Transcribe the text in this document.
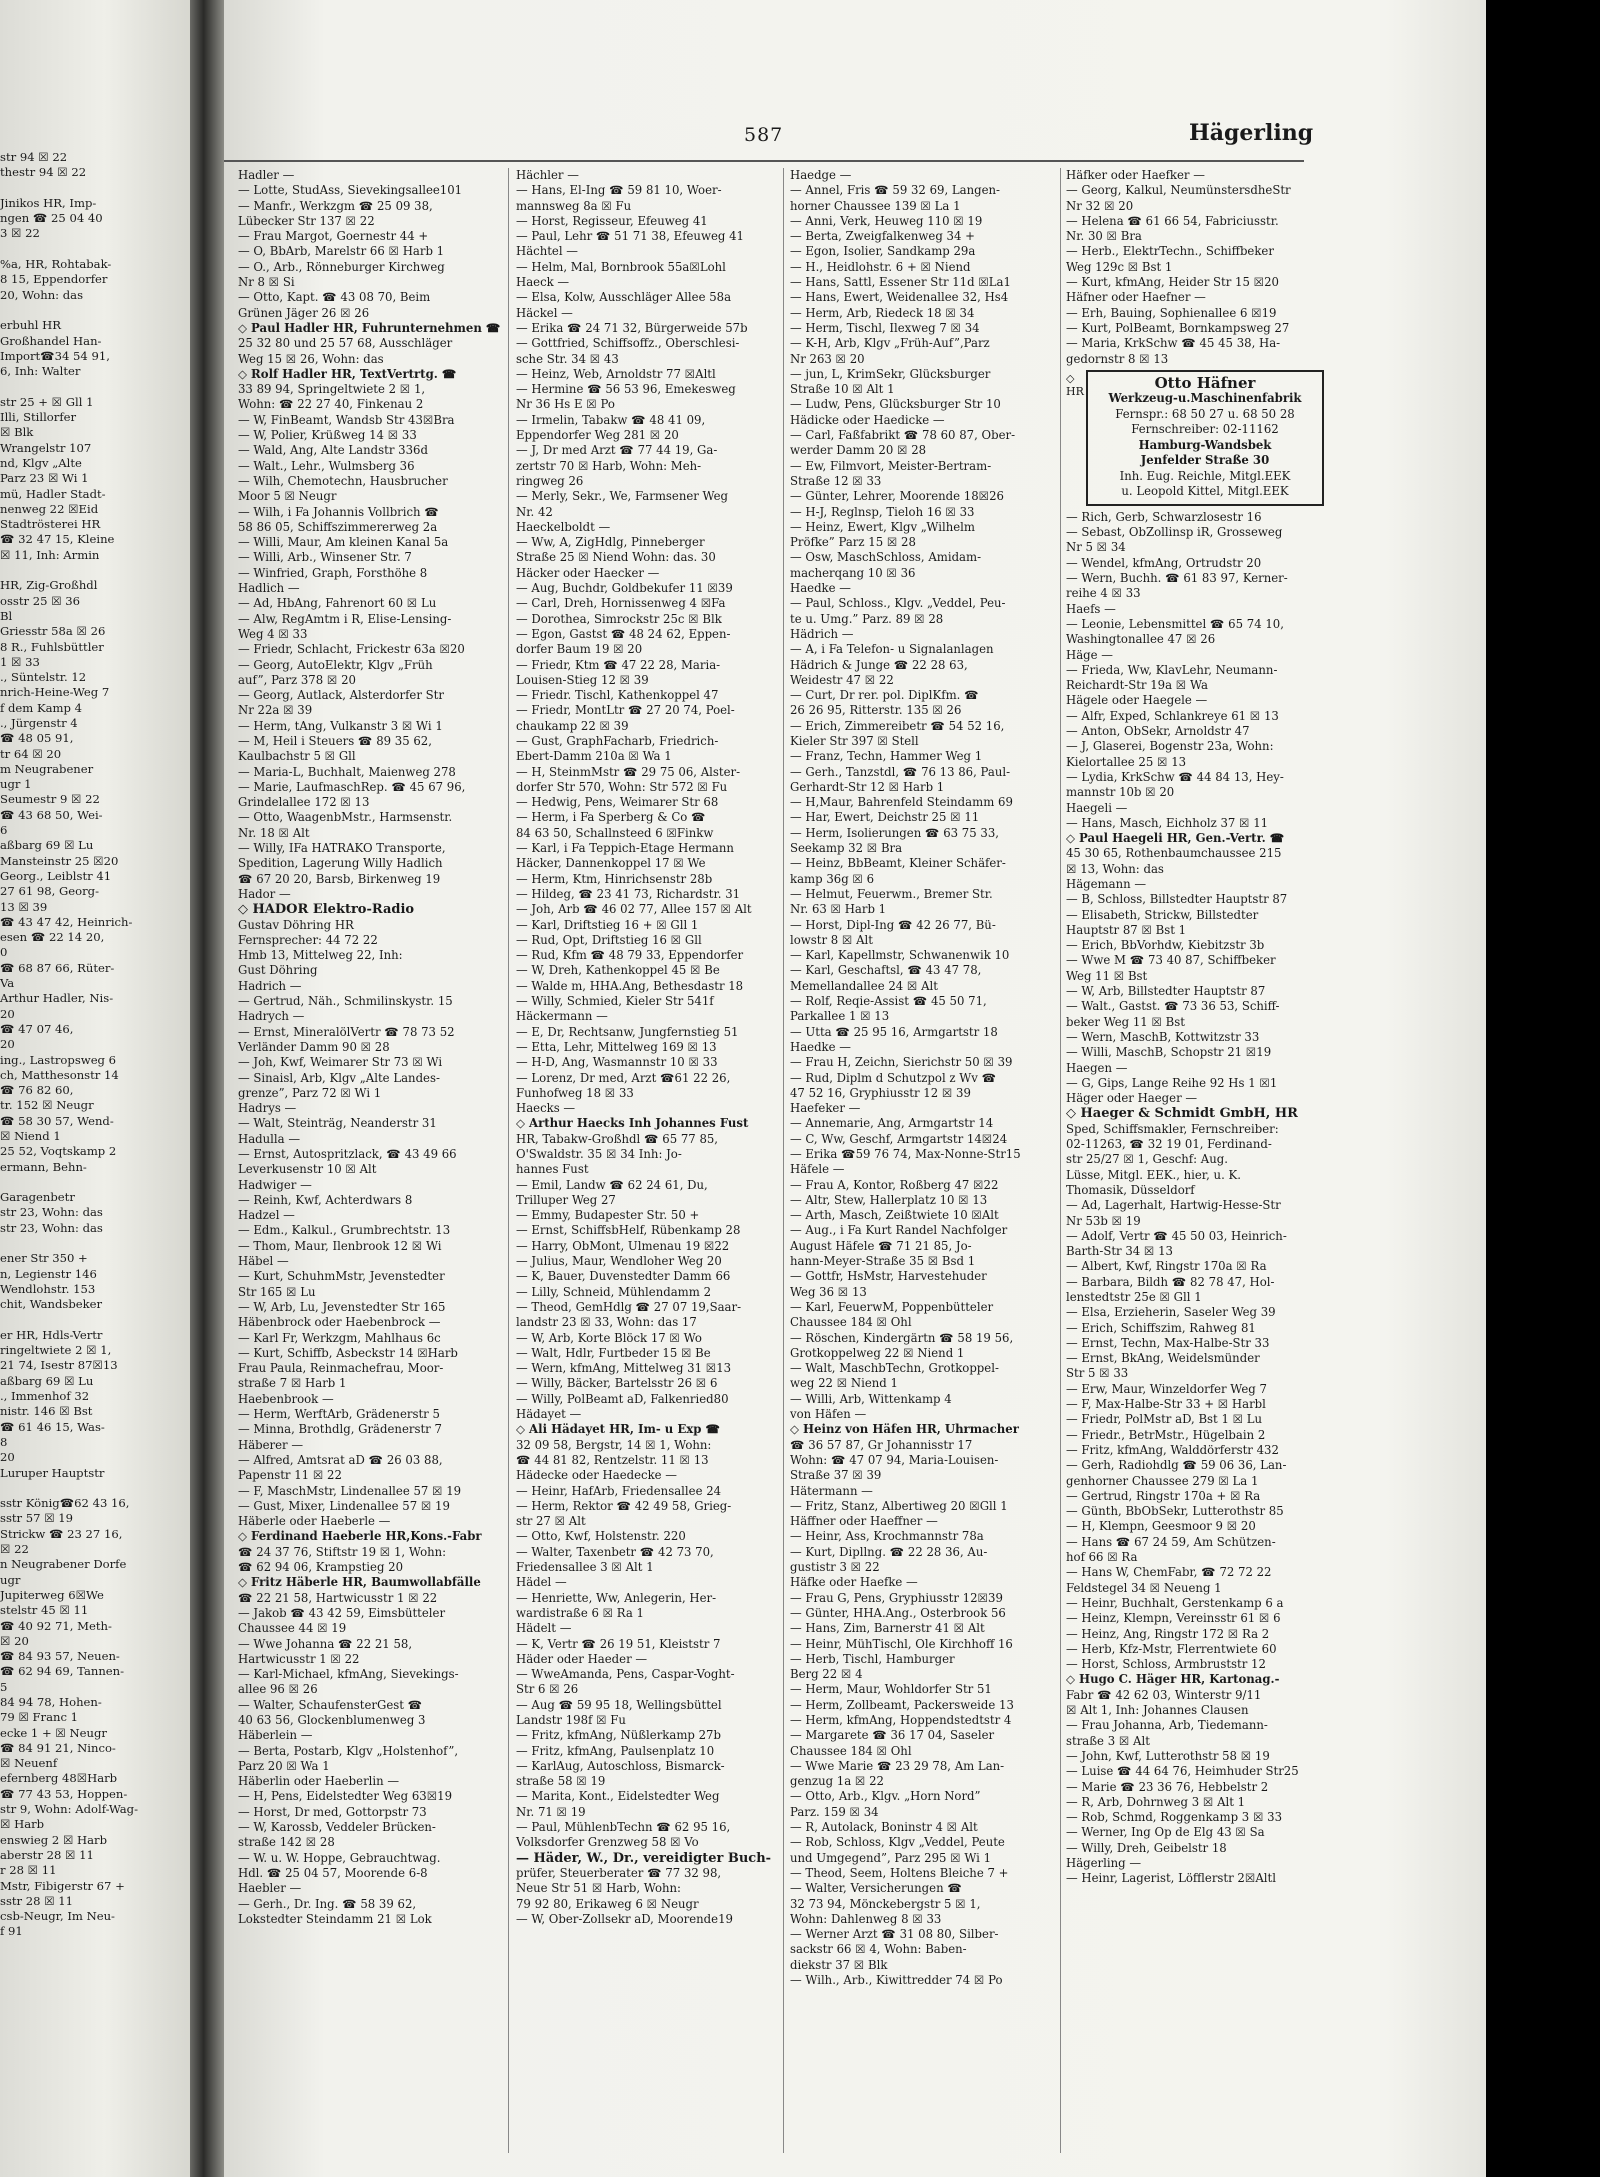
str 94 ☒ 22
thestr 94 ☒ 22

Jinikos HR, Imp-
ngen ☎ 25 04 40
3 ☒ 22

%a, HR, Rohtabak-
8 15, Eppendorfer
20, Wohn: das

erbuhl HR
Großhandel Han-
Import☎34 54 91,
6, Inh: Walter

str 25 + ☒ Gll 1
Illi, Stillorfer
☒ Blk
Wrangelstr 107
nd, Klgv „Alte
Parz 23 ☒ Wi 1
mü, Hadler Stadt-
nenweg 22 ☒Eid
Stadtrösterei HR
☎ 32 47 15, Kleine
☒ 11, Inh: Armin

HR, Zig-Großhdl
osstr 25 ☒ 36
Bl
Griesstr 58a ☒ 26
8 R., Fuhlsbüttler
1 ☒ 33
., Süntelstr. 12
nrich-Heine-Weg 7
f dem Kamp 4
., Jürgenstr 4
☎ 48 05 91,
tr 64 ☒ 20
m Neugrabener
ugr 1
Seumestr 9 ☒ 22
☎ 43 68 50, Wei-
6
aßbarg 69 ☒ Lu
Mansteinstr 25 ☒20
Georg., Leiblstr 41
27 61 98, Georg-
13 ☒ 39
☎ 43 47 42, Heinrich-
esen ☎ 22 14 20,
0
☎ 68 87 66, Rüter-
Va
Arthur Hadler, Nis-
20
☎ 47 07 46,
20
ing., Lastropsweg 6
ch, Matthesonstr 14
☎ 76 82 60,
tr. 152 ☒ Neugr
☎ 58 30 57, Wend-
☒ Niend 1
25 52, Voqtskamp 2
ermann, Behn-

Garagenbetr
str 23, Wohn: das
str 23, Wohn: das

ener Str 350 +
n, Legienstr 146
Wendlohstr. 153
chit, Wandsbeker

er HR, Hdls-Vertr
ringeltwiete 2 ☒ 1,
21 74, Isestr 87☒13
aßbarg 69 ☒ Lu
., Immenhof 32
nistr. 146 ☒ Bst
☎ 61 46 15, Was-
8
20
Luruper Hauptstr

sstr König☎62 43 16,
sstr 57 ☒ 19
Strickw ☎ 23 27 16,
☒ 22
n Neugrabener Dorfe
ugr
Jupiterweg 6☒We
stelstr 45 ☒ 11
☎ 40 92 71, Meth-
☒ 20
☎ 84 93 57, Neuen-
☎ 62 94 69, Tannen-
5
84 94 78, Hohen-
79 ☒ Franc 1
ecke 1 + ☒ Neugr
☎ 84 91 21, Ninco-
☒ Neuenf
efernberg 48☒Harb
☎ 77 43 53, Hoppen-
str 9, Wohn: Adolf-Wag-
☒ Harb
enswieg 2 ☒ Harb
aberstr 28 ☒ 11
r 28 ☒ 11
Mstr, Fibigerstr 67 +
sstr 28 ☒ 11
csb-Neugr, Im Neu-
f 91
587	Hägerling
Hadler —
— Lotte, StudAss, Sievekingsallee101
— Manfr., Werkzgm ☎ 25 09 38,
Lübecker Str 137 ☒ 22
— Frau Margot, Goernestr 44 +
— O, BbArb, Marelstr 66 ☒ Harb 1
— O., Arb., Rönneburger Kirchweg
Nr 8 ☒ Si
— Otto, Kapt. ☎ 43 08 70, Beim
Grünen Jäger 26 ☒ 26
◇ Paul Hadler HR, Fuhrunternehmen ☎
25 32 80 und 25 57 68, Ausschläger
Weg 15 ☒ 26, Wohn: das
◇ Rolf Hadler HR, TextVertrtg. ☎
33 89 94, Springeltwiete 2 ☒ 1,
Wohn: ☎ 22 27 40, Finkenau 2
— W, FinBeamt, Wandsb Str 43☒Bra
— W, Polier, Krüßweg 14 ☒ 33
— Wald, Ang, Alte Landstr 336d
— Walt., Lehr., Wulmsberg 36
— Wilh, Chemotechn, Hausbrucher
Moor 5 ☒ Neugr
— Wilh, i Fa Johannis Vollbrich ☎
58 86 05, Schiffszimmererweg 2a
— Willi, Maur, Am kleinen Kanal 5a
— Willi, Arb., Winsener Str. 7
— Winfried, Graph, Forsthöhe 8
Hadlich —
— Ad, HbAng, Fahrenort 60 ☒ Lu
— Alw, RegAmtm i R, Elise-Lensing-
Weg 4 ☒ 33
— Friedr, Schlacht, Frickestr 63a ☒20
— Georg, AutoElektr, Klgv „Früh
auf”, Parz 378 ☒ 20
— Georg, Autlack, Alsterdorfer Str
Nr 22a ☒ 39
— Herm, tAng, Vulkanstr 3 ☒ Wi 1
— M, Heil i Steuers ☎ 89 35 62,
Kaulbachstr 5 ☒ Gll
— Maria-L, Buchhalt, Maienweg 278
— Marie, LaufmaschRep. ☎ 45 67 96,
Grindelallee 172 ☒ 13
— Otto, WaagenbMstr., Harmsenstr.
Nr. 18 ☒ Alt
— Willy, IFa HATRAKO Transporte,
Spedition, Lagerung Willy Hadlich
☎ 67 20 20, Barsb, Birkenweg 19
Hador —
◇ HADOR Elektro-Radio
Gustav Döhring HR
Fernsprecher: 44 72 22
Hmb 13, Mittelweg 22, Inh:
Gust Döhring
Hadrich —
— Gertrud, Näh., Schmilinskystr. 15
Hadrych —
— Ernst, MineralölVertr ☎ 78 73 52
Verländer Damm 90 ☒ 28
— Joh, Kwf, Weimarer Str 73 ☒ Wi
— Sinaisl, Arb, Klgv „Alte Landes-
grenze”, Parz 72 ☒ Wi 1
Hadrys —
— Walt, Steinträg, Neanderstr 31
Hadulla —
— Ernst, Autospritzlack, ☎ 43 49 66
Leverkusenstr 10 ☒ Alt
Hadwiger —
— Reinh, Kwf, Achterdwars 8
Hadzel —
— Edm., Kalkul., Grumbrechtstr. 13
— Thom, Maur, Ilenbrook 12 ☒ Wi
Häbel —
— Kurt, SchuhmMstr, Jevenstedter
Str 165 ☒ Lu
— W, Arb, Lu, Jevenstedter Str 165
Häbenbrock oder Haebenbrock —
— Karl Fr, Werkzgm, Mahlhaus 6c
— Kurt, Schiffb, Asbeckstr 14 ☒Harb
Frau Paula, Reinmachefrau, Moor-
straße 7 ☒ Harb 1
Haebenbrook —
— Herm, WerftArb, Grädenerstr 5
— Minna, Brothdlg, Grädenerstr 7
Häberer —
— Alfred, Amtsrat aD ☎ 26 03 88,
Papenstr 11 ☒ 22
— F, MaschMstr, Lindenallee 57 ☒ 19
— Gust, Mixer, Lindenallee 57 ☒ 19
Häberle oder Haeberle —
◇ Ferdinand Haeberle HR,Kons.-Fabr
☎ 24 37 76, Stiftstr 19 ☒ 1, Wohn:
☎ 62 94 06, Krampstieg 20
◇ Fritz Häberle HR, Baumwollabfälle
☎ 22 21 58, Hartwicusstr 1 ☒ 22
— Jakob ☎ 43 42 59, Eimsbütteler
Chaussee 44 ☒ 19
— Wwe Johanna ☎ 22 21 58,
Hartwicusstr 1 ☒ 22
— Karl-Michael, kfmAng, Sievekings-
allee 96 ☒ 26
— Walter, SchaufensterGest ☎
40 63 56, Glockenblumenweg 3
Häberlein —
— Berta, Postarb, Klgv „Holstenhof”,
Parz 20 ☒ Wa 1
Häberlin oder Haeberlin —
— H, Pens, Eidelstedter Weg 63☒19
— Horst, Dr med, Gottorpstr 73
— W, Karossb, Veddeler Brücken-
straße 142 ☒ 28
— W. u. W. Hoppe, Gebrauchtwag.
Hdl. ☎ 25 04 57, Moorende 6-8
Haebler —
— Gerh., Dr. Ing. ☎ 58 39 62,
Lokstedter Steindamm 21 ☒ Lok
Hächler —
— Hans, El-Ing ☎ 59 81 10, Woer-
mannsweg 8a ☒ Fu
— Horst, Regisseur, Efeuweg 41
— Paul, Lehr ☎ 51 71 38, Efeuweg 41
Hächtel —
— Helm, Mal, Bornbrook 55a☒Lohl
Haeck —
— Elsa, Kolw, Ausschläger Allee 58a
Häckel —
— Erika ☎ 24 71 32, Bürgerweide 57b
— Gottfried, Schiffsoffz., Oberschlesi-
sche Str. 34 ☒ 43
— Heinz, Web, Arnoldstr 77 ☒Altl
— Hermine ☎ 56 53 96, Emekesweg
Nr 36 Hs E ☒ Po
— Irmelin, Tabakw ☎ 48 41 09,
Eppendorfer Weg 281 ☒ 20
— J, Dr med Arzt ☎ 77 44 19, Ga-
zertstr 70 ☒ Harb, Wohn: Meh-
ringweg 26
— Merly, Sekr., We, Farmsener Weg
Nr. 42
Haeckelboldt —
— Ww, A, ZigHdlg, Pinneberger
Straße 25 ☒ Niend Wohn: das. 30
Häcker oder Haecker —
— Aug, Buchdr, Goldbekufer 11 ☒39
— Carl, Dreh, Hornissenweg 4 ☒Fa
— Dorothea, Simrockstr 25c ☒ Blk
— Egon, Gastst ☎ 48 24 62, Eppen-
dorfer Baum 19 ☒ 20
— Friedr, Ktm ☎ 47 22 28, Maria-
Louisen-Stieg 12 ☒ 39
— Friedr. Tischl, Kathenkoppel 47
— Friedr, MontLtr ☎ 27 20 74, Poel-
chaukamp 22 ☒ 39
— Gust, GraphFacharb, Friedrich-
Ebert-Damm 210a ☒ Wa 1
— H, SteinmMstr ☎ 29 75 06, Alster-
dorfer Str 570, Wohn: Str 572 ☒ Fu
— Hedwig, Pens, Weimarer Str 68
— Herm, i Fa Sperberg & Co ☎
84 63 50, Schallnsteed 6 ☒Finkw
— Karl, i Fa Teppich-Etage Hermann
Häcker, Dannenkoppel 17 ☒ We
— Herm, Ktm, Hinrichsenstr 28b
— Hildeg, ☎ 23 41 73, Richardstr. 31
— Joh, Arb ☎ 46 02 77, Allee 157 ☒ Alt
— Karl, Driftstieg 16 + ☒ Gll 1
— Rud, Opt, Driftstieg 16 ☒ Gll
— Rud, Kfm ☎ 48 79 33, Eppendorfer
— W, Dreh, Kathenkoppel 45 ☒ Be
— Walde m, HHA.Ang, Bethesdastr 18
— Willy, Schmied, Kieler Str 541f
Häckermann —
— E, Dr, Rechtsanw, Jungfernstieg 51
— Etta, Lehr, Mittelweg 169 ☒ 13
— H-D, Ang, Wasmannstr 10 ☒ 33
— Lorenz, Dr med, Arzt ☎61 22 26,
Funhofweg 18 ☒ 33
Haecks —
◇ Arthur Haecks Inh Johannes Fust
HR, Tabakw-Großhdl ☎ 65 77 85,
O'Swaldstr. 35 ☒ 34 Inh: Jo-
hannes Fust
— Emil, Landw ☎ 62 24 61, Du,
Trilluper Weg 27
— Emmy, Budapester Str. 50 +
— Ernst, SchiffsbHelf, Rübenkamp 28
— Harry, ObMont, Ulmenau 19 ☒22
— Julius, Maur, Wendloher Weg 20
— K, Bauer, Duvenstedter Damm 66
— Lilly, Schneid, Mühlendamm 2
— Theod, GemHdlg ☎ 27 07 19,Saar-
landstr 23 ☒ 33, Wohn: das 17
— W, Arb, Korte Blöck 17 ☒ Wo
— Walt, Hdlr, Furtbeder 15 ☒ Be
— Wern, kfmAng, Mittelweg 31 ☒13
— Willy, Bäcker, Bartelsstr 26 ☒ 6
— Willy, PolBeamt aD, Falkenried80
Hädayet —
◇ Ali Hädayet HR, Im- u Exp ☎
32 09 58, Bergstr, 14 ☒ 1, Wohn:
☎ 44 81 82, Rentzelstr. 11 ☒ 13
Hädecke oder Haedecke —
— Heinr, HafArb, Friedensallee 24
— Herm, Rektor ☎ 42 49 58, Grieg-
str 27 ☒ Alt
— Otto, Kwf, Holstenstr. 220
— Walter, Taxenbetr ☎ 42 73 70,
Friedensallee 3 ☒ Alt 1
Hädel —
— Henriette, Ww, Anlegerin, Her-
wardistraße 6 ☒ Ra 1
Hädelt —
— K, Vertr ☎ 26 19 51, Kleiststr 7
Häder oder Haeder —
— WweAmanda, Pens, Caspar-Voght-
Str 6 ☒ 26
— Aug ☎ 59 95 18, Wellingsbüttel
Landstr 198f ☒ Fu
— Fritz, kfmAng, Nüßlerkamp 27b
— Fritz, kfmAng, Paulsenplatz 10
— KarlAug, Autoschloss, Bismarck-
straße 58 ☒ 19
— Marita, Kont., Eidelstedter Weg
Nr. 71 ☒ 19
— Paul, MühlenbTechn ☎ 62 95 16,
Volksdorfer Grenzweg 58 ☒ Vo
— Häder, W., Dr., vereidigter Buch-
prüfer, Steuerberater ☎ 77 32 98,
Neue Str 51 ☒ Harb, Wohn:
79 92 80, Erikaweg 6 ☒ Neugr
— W, Ober-Zollsekr aD, Moorende19
Haedge —
— Annel, Fris ☎ 59 32 69, Langen-
horner Chaussee 139 ☒ La 1
— Anni, Verk, Heuweg 110 ☒ 19
— Berta, Zweigfalkenweg 34 +
— Egon, Isolier, Sandkamp 29a
— H., Heidlohstr. 6 + ☒ Niend
— Hans, Sattl, Essener Str 11d ☒La1
— Hans, Ewert, Weidenallee 32, Hs4
— Herm, Arb, Riedeck 18 ☒ 34
— Herm, Tischl, Ilexweg 7 ☒ 34
— K-H, Arb, Klgv „Früh-Auf”,Parz
Nr 263 ☒ 20
— jun, L, KrimSekr, Glücksburger
Straße 10 ☒ Alt 1
— Ludw, Pens, Glücksburger Str 10
Hädicke oder Haedicke —
— Carl, Faßfabrikt ☎ 78 60 87, Ober-
werder Damm 20 ☒ 28
— Ew, Filmvort, Meister-Bertram-
Straße 12 ☒ 33
— Günter, Lehrer, Moorende 18☒26
— H-J, Reglnsp, Tieloh 16 ☒ 33
— Heinz, Ewert, Klgv „Wilhelm
Pröfke” Parz 15 ☒ 28
— Osw, MaschSchloss, Amidam-
macherqang 10 ☒ 36
Haedke —
— Paul, Schloss., Klgv. „Veddel, Peu-
te u. Umg.” Parz. 89 ☒ 28
Hädrich —
— A, i Fa Telefon- u Signalanlagen
Hädrich & Junge ☎ 22 28 63,
Weidestr 47 ☒ 22
— Curt, Dr rer. pol. DiplKfm. ☎
26 26 95, Ritterstr. 135 ☒ 26
— Erich, Zimmereibetr ☎ 54 52 16,
Kieler Str 397 ☒ Stell
— Franz, Techn, Hammer Weg 1
— Gerh., Tanzstdl, ☎ 76 13 86, Paul-
Gerhardt-Str 12 ☒ Harb 1
— H,Maur, Bahrenfeld Steindamm 69
— Har, Ewert, Deichstr 25 ☒ 11
— Herm, Isolierungen ☎ 63 75 33,
Seekamp 32 ☒ Bra
— Heinz, BbBeamt, Kleiner Schäfer-
kamp 36g ☒ 6
— Helmut, Feuerwm., Bremer Str.
Nr. 63 ☒ Harb 1
— Horst, Dipl-Ing ☎ 42 26 77, Bü-
lowstr 8 ☒ Alt
— Karl, Kapellmstr, Schwanenwik 10
— Karl, Geschaftsl, ☎ 43 47 78,
Memellandallee 24 ☒ Alt
— Rolf, Reqie-Assist ☎ 45 50 71,
Parkallee 1 ☒ 13
— Utta ☎ 25 95 16, Armgartstr 18
Haedke —
— Frau H, Zeichn, Sierichstr 50 ☒ 39
— Rud, Diplm d Schutzpol z Wv ☎
47 52 16, Gryphiusstr 12 ☒ 39
Haefeker —
— Annemarie, Ang, Armgartstr 14
— C, Ww, Geschf, Armgartstr 14☒24
— Erika ☎59 76 74, Max-Nonne-Str15
Häfele —
— Frau A, Kontor, Roßberg 47 ☒22
— Altr, Stew, Hallerplatz 10 ☒ 13
— Arth, Masch, Zeißtwiete 10 ☒Alt
— Aug., i Fa Kurt Randel Nachfolger
August Häfele ☎ 71 21 85, Jo-
hann-Meyer-Straße 35 ☒ Bsd 1
— Gottfr, HsMstr, Harvestehuder
Weg 36 ☒ 13
— Karl, FeuerwM, Poppenbütteler
Chaussee 184 ☒ Ohl
— Röschen, Kindergärtn ☎ 58 19 56,
Grotkoppelweg 22 ☒ Niend 1
— Walt, MaschbTechn, Grotkoppel-
weg 22 ☒ Niend 1
— Willi, Arb, Wittenkamp 4
von Häfen —
◇ Heinz von Häfen HR, Uhrmacher
☎ 36 57 87, Gr Johannisstr 17
Wohn: ☎ 47 07 94, Maria-Louisen-
Straße 37 ☒ 39
Hätermann —
— Fritz, Stanz, Albertiweg 20 ☒Gll 1
Häffner oder Haeffner —
— Heinr, Ass, Krochmannstr 78a
— Kurt, Dipllng. ☎ 22 28 36, Au-
gustistr 3 ☒ 22
Häfke oder Haefke —
— Frau G, Pens, Gryphiusstr 12☒39
— Günter, HHA.Ang., Osterbrook 56
— Hans, Zim, Barnerstr 41 ☒ Alt
— Heinr, MühTischl, Ole Kirchhoff 16
— Herb, Tischl, Hamburger
Berg 22 ☒ 4
— Herm, Maur, Wohldorfer Str 51
— Herm, Zollbeamt, Packersweide 13
— Herm, kfmAng, Hoppendstedtstr 4
— Margarete ☎ 36 17 04, Saseler
Chaussee 184 ☒ Ohl
— Wwe Marie ☎ 23 29 78, Am Lan-
genzug 1a ☒ 22
— Otto, Arb., Klgv. „Horn Nord”
Parz. 159 ☒ 34
— R, Autolack, Boninstr 4 ☒ Alt
— Rob, Schloss, Klgv „Veddel, Peute
und Umgegend”, Parz 295 ☒ Wi 1
— Theod, Seem, Holtens Bleiche 7 +
— Walter, Versicherungen ☎
32 73 94, Mönckebergstr 5 ☒ 1,
Wohn: Dahlenweg 8 ☒ 33
— Werner Arzt ☎ 31 08 80, Silber-
sackstr 66 ☒ 4, Wohn: Baben-
diekstr 37 ☒ Blk
— Wilh., Arb., Kiwittredder 74 ☒ Po
Häfker oder Haefker —
— Georg, Kalkul, NeumünstersdheStr
Nr 32 ☒ 20
— Helena ☎ 61 66 54, Fabriciusstr.
Nr. 30 ☒ Bra
— Herb., ElektrTechn., Schiffbeker
Weg 129c ☒ Bst 1
— Kurt, kfmAng, Heider Str 15 ☒20
Häfner oder Haefner —
— Erh, Bauing, Sophienallee 6 ☒19
— Kurt, PolBeamt, Bornkampsweg 27
— Maria, KrkSchw ☎ 45 45 38, Ha-
gedornstr 8 ☒ 13
◇
HR	Otto Häfner
Werkzeug-u.Maschinenfabrik
Fernspr.: 68 50 27 u. 68 50 28
Fernschreiber: 02-11162
Hamburg-Wandsbek
Jenfelder Straße 30
Inh. Eug. Reichle, Mitgl.EEK
u. Leopold Kittel, Mitgl.EEK
— Rich, Gerb, Schwarzlosestr 16
— Sebast, ObZollinsp iR, Grosseweg
Nr 5 ☒ 34
— Wendel, kfmAng, Ortrudstr 20
— Wern, Buchh. ☎ 61 83 97, Kerner-
reihe 4 ☒ 33
Haefs —
— Leonie, Lebensmittel ☎ 65 74 10,
Washingtonallee 47 ☒ 26
Häge —
— Frieda, Ww, KlavLehr, Neumann-
Reichardt-Str 19a ☒ Wa
Hägele oder Haegele —
— Alfr, Exped, Schlankreye 61 ☒ 13
— Anton, ObSekr, Arnoldstr 47
— J, Glaserei, Bogenstr 23a, Wohn:
Kielortallee 25 ☒ 13
— Lydia, KrkSchw ☎ 44 84 13, Hey-
mannstr 10b ☒ 20
Haegeli —
— Hans, Masch, Eichholz 37 ☒ 11
◇ Paul Haegeli HR, Gen.-Vertr. ☎
45 30 65, Rothenbaumchaussee 215
☒ 13, Wohn: das
Hägemann —
— B, Schloss, Billstedter Hauptstr 87
— Elisabeth, Strickw, Billstedter
Hauptstr 87 ☒ Bst 1
— Erich, BbVorhdw, Kiebitzstr 3b
— Wwe M ☎ 73 40 87, Schiffbeker
Weg 11 ☒ Bst
— W, Arb, Billstedter Hauptstr 87
— Walt., Gastst. ☎ 73 36 53, Schiff-
beker Weg 11 ☒ Bst
— Wern, MaschB, Kottwitzstr 33
— Willi, MaschB, Schopstr 21 ☒19
Haegen —
— G, Gips, Lange Reihe 92 Hs 1 ☒1
Häger oder Haeger —
◇ Haeger & Schmidt GmbH, HR
Sped, Schiffsmakler, Fernschreiber:
02-11263, ☎ 32 19 01, Ferdinand-
str 25/27 ☒ 1, Geschf: Aug.
Lüsse, Mitgl. EEK., hier, u. K.
Thomasik, Düsseldorf
— Ad, Lagerhalt, Hartwig-Hesse-Str
Nr 53b ☒ 19
— Adolf, Vertr ☎ 45 50 03, Heinrich-
Barth-Str 34 ☒ 13
— Albert, Kwf, Ringstr 170a ☒ Ra
— Barbara, Bildh ☎ 82 78 47, Hol-
lenstedtstr 25e ☒ Gll 1
— Elsa, Erzieherin, Saseler Weg 39
— Erich, Schiffszim, Rahweg 81
— Ernst, Techn, Max-Halbe-Str 33
— Ernst, BkAng, Weidelsmünder
Str 5 ☒ 33
— Erw, Maur, Winzeldorfer Weg 7
— F, Max-Halbe-Str 33 + ☒ Harbl
— Friedr, PolMstr aD, Bst 1 ☒ Lu
— Friedr., BetrMstr., Hügelbain 2
— Fritz, kfmAng, Walddörferstr 432
— Gerh, Radiohdlg ☎ 59 06 36, Lan-
genhorner Chaussee 279 ☒ La 1
— Gertrud, Ringstr 170a + ☒ Ra
— Günth, BbObSekr, Lutterothstr 85
— H, Klempn, Geesmoor 9 ☒ 20
— Hans ☎ 67 24 59, Am Schützen-
hof 66 ☒ Ra
— Hans W, ChemFabr, ☎ 72 72 22
Feldstegel 34 ☒ Neueng 1
— Heinr, Buchhalt, Gerstenkamp 6 a
— Heinz, Klempn, Vereinsstr 61 ☒ 6
— Heinz, Ang, Ringstr 172 ☒ Ra 2
— Herb, Kfz-Mstr, Flerrentwiete 60
— Horst, Schloss, Armbruststr 12
◇ Hugo C. Häger HR, Kartonag.-
Fabr ☎ 42 62 03, Winterstr 9/11
☒ Alt 1, Inh: Johannes Clausen
— Frau Johanna, Arb, Tiedemann-
straße 3 ☒ Alt
— John, Kwf, Lutterothstr 58 ☒ 19
— Luise ☎ 44 64 76, Heimhuder Str25
— Marie ☎ 23 36 76, Hebbelstr 2
— R, Arb, Dohrnweg 3 ☒ Alt 1
— Rob, Schmd, Roggenkamp 3 ☒ 33
— Werner, Ing Op de Elg 43 ☒ Sa
— Willy, Dreh, Geibelstr 18
Hägerling —
— Heinr, Lagerist, Löfflerstr 2☒Altl
